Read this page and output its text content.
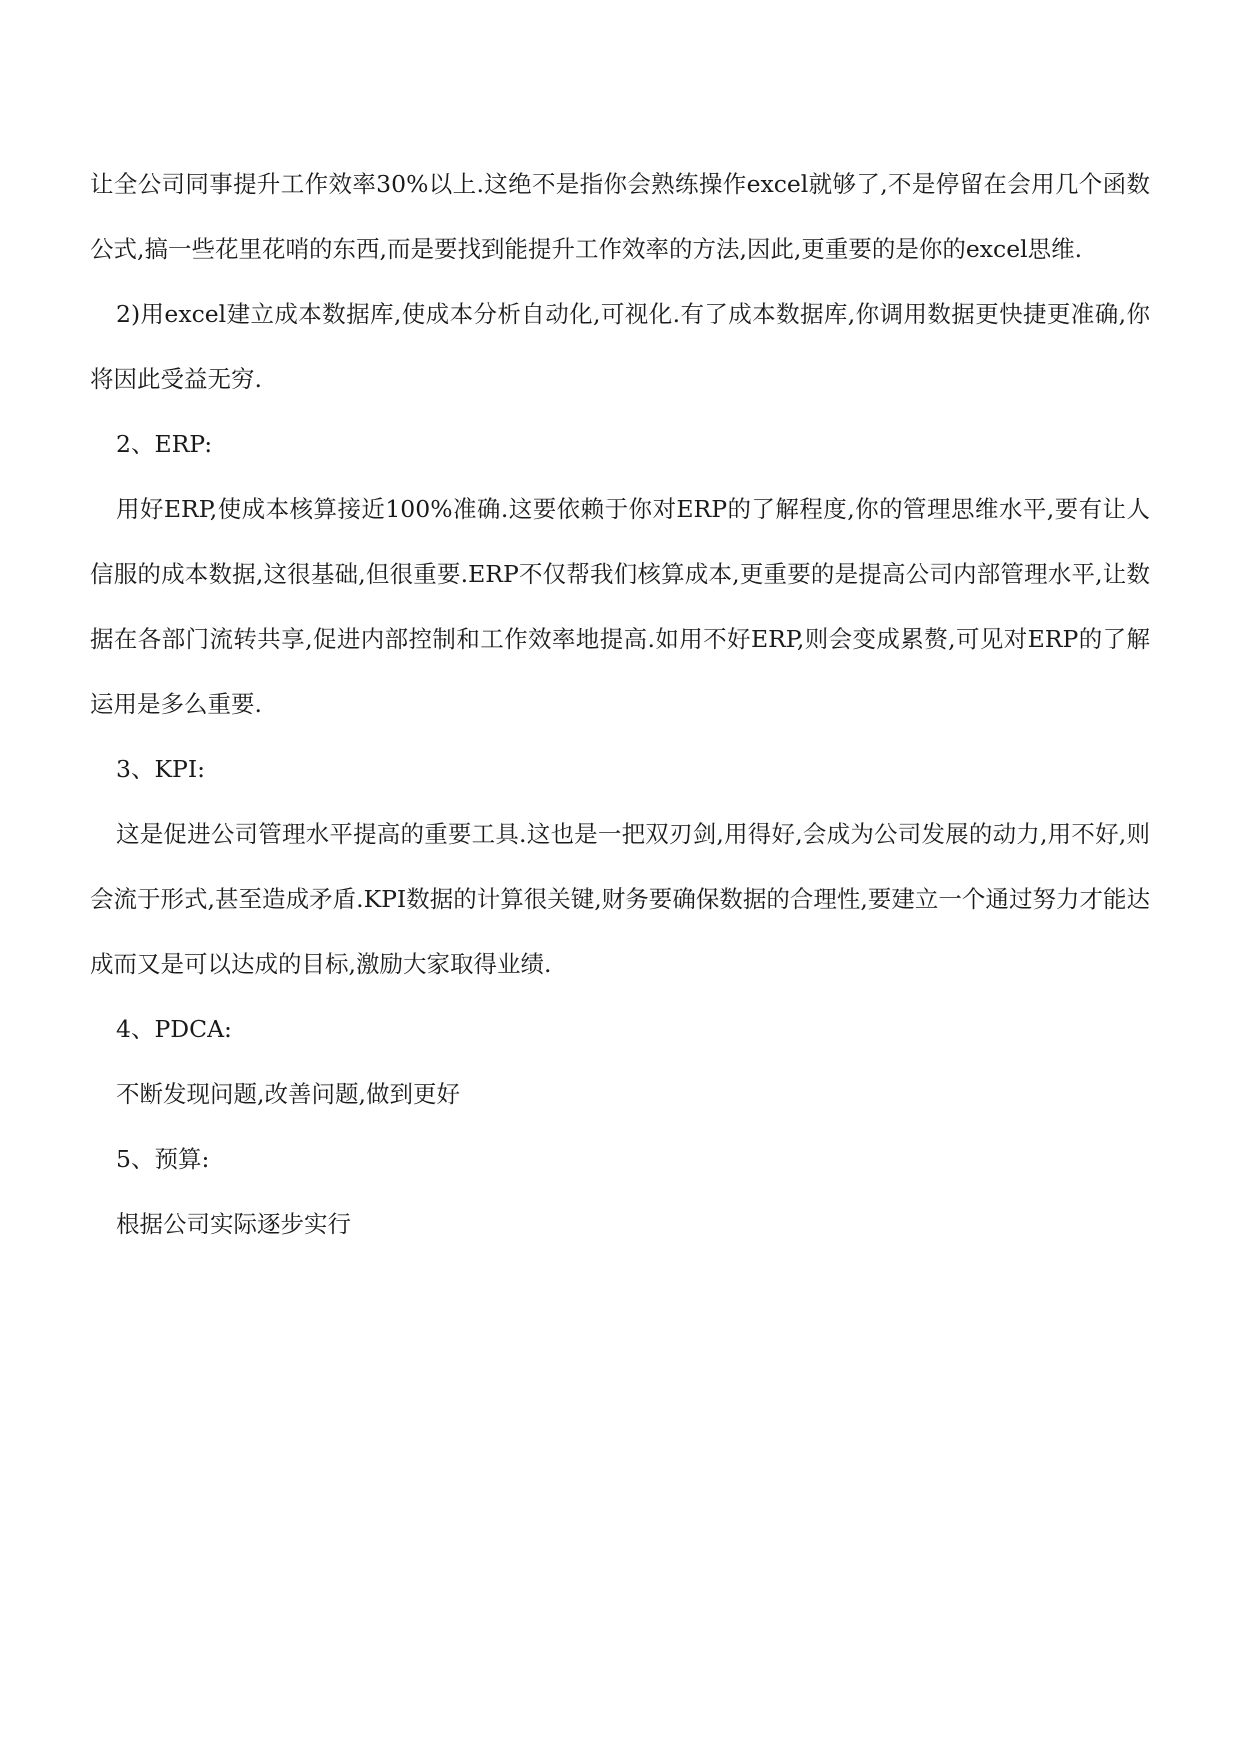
让全公司同事提升工作效率30%以上.这绝不是指你会熟练操作excel就够了,不是停留在会用几个函数公式,搞一些花里花哨的东西,而是要找到能提升工作效率的方法,因此,更重要的是你的excel思维.

2)用excel建立成本数据库,使成本分析自动化,可视化.有了成本数据库,你调用数据更快捷更准确,你将因此受益无穷.

2、ERP:

用好ERP,使成本核算接近100%准确.这要依赖于你对ERP的了解程度,你的管理思维水平,要有让人信服的成本数据,这很基础,但很重要.ERP不仅帮我们核算成本,更重要的是提高公司内部管理水平,让数据在各部门流转共享,促进内部控制和工作效率地提高.如用不好ERP,则会变成累赘,可见对ERP的了解运用是多么重要.

3、KPI:

这是促进公司管理水平提高的重要工具.这也是一把双刃剑,用得好,会成为公司发展的动力,用不好,则会流于形式,甚至造成矛盾.KPI数据的计算很关键,财务要确保数据的合理性,要建立一个通过努力才能达成而又是可以达成的目标,激励大家取得业绩.

4、PDCA:

不断发现问题,改善问题,做到更好

5、预算:

根据公司实际逐步实行
